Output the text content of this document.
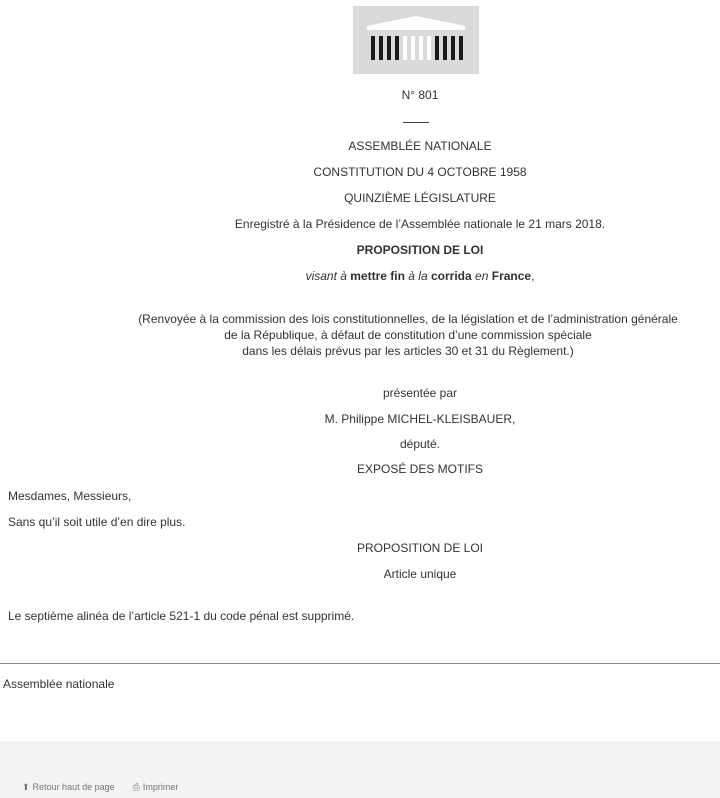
N° 801
ASSEMBLÉE NATIONALE
CONSTITUTION DU 4 OCTOBRE 1958
QUINZIÈME LÉGISLATURE
Enregistré à la Présidence de l’Assemblée nationale le 21 mars 2018.
PROPOSITION DE LOI
visant à mettre fin à la corrida en France,
(Renvoyée à la commission des lois constitutionnelles, de la législation et de l’administration générale
de la République, à défaut de constitution d’une commission spéciale
dans les délais prévus par les articles 30 et 31 du Règlement.)
présentée par
M. Philippe MICHEL-KLEISBAUER,
député.
EXPOSÉ DES MOTIFS
Mesdames, Messieurs,
Sans qu’il soit utile d’en dire plus.
PROPOSITION DE LOI
Article unique
Le septième alinéa de l’article 521-1 du code pénal est supprimé.
Assemblée nationale
⬆ Retour haut de page ⎙ Imprimer
